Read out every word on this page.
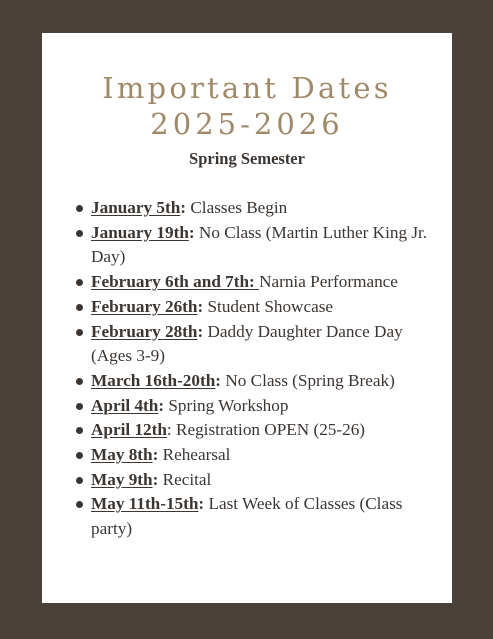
Important Dates
2025-2026
Spring Semester
January 5th: Classes Begin
January 19th: No Class (Martin Luther King Jr. Day)
February 6th and 7th: Narnia Performance
February 26th: Student Showcase
February 28th: Daddy Daughter Dance Day (Ages 3-9)
March 16th-20th: No Class (Spring Break)
April 4th: Spring Workshop
April 12th: Registration OPEN (25-26)
May 8th: Rehearsal
May 9th: Recital
May 11th-15th: Last Week of Classes (Class party)
